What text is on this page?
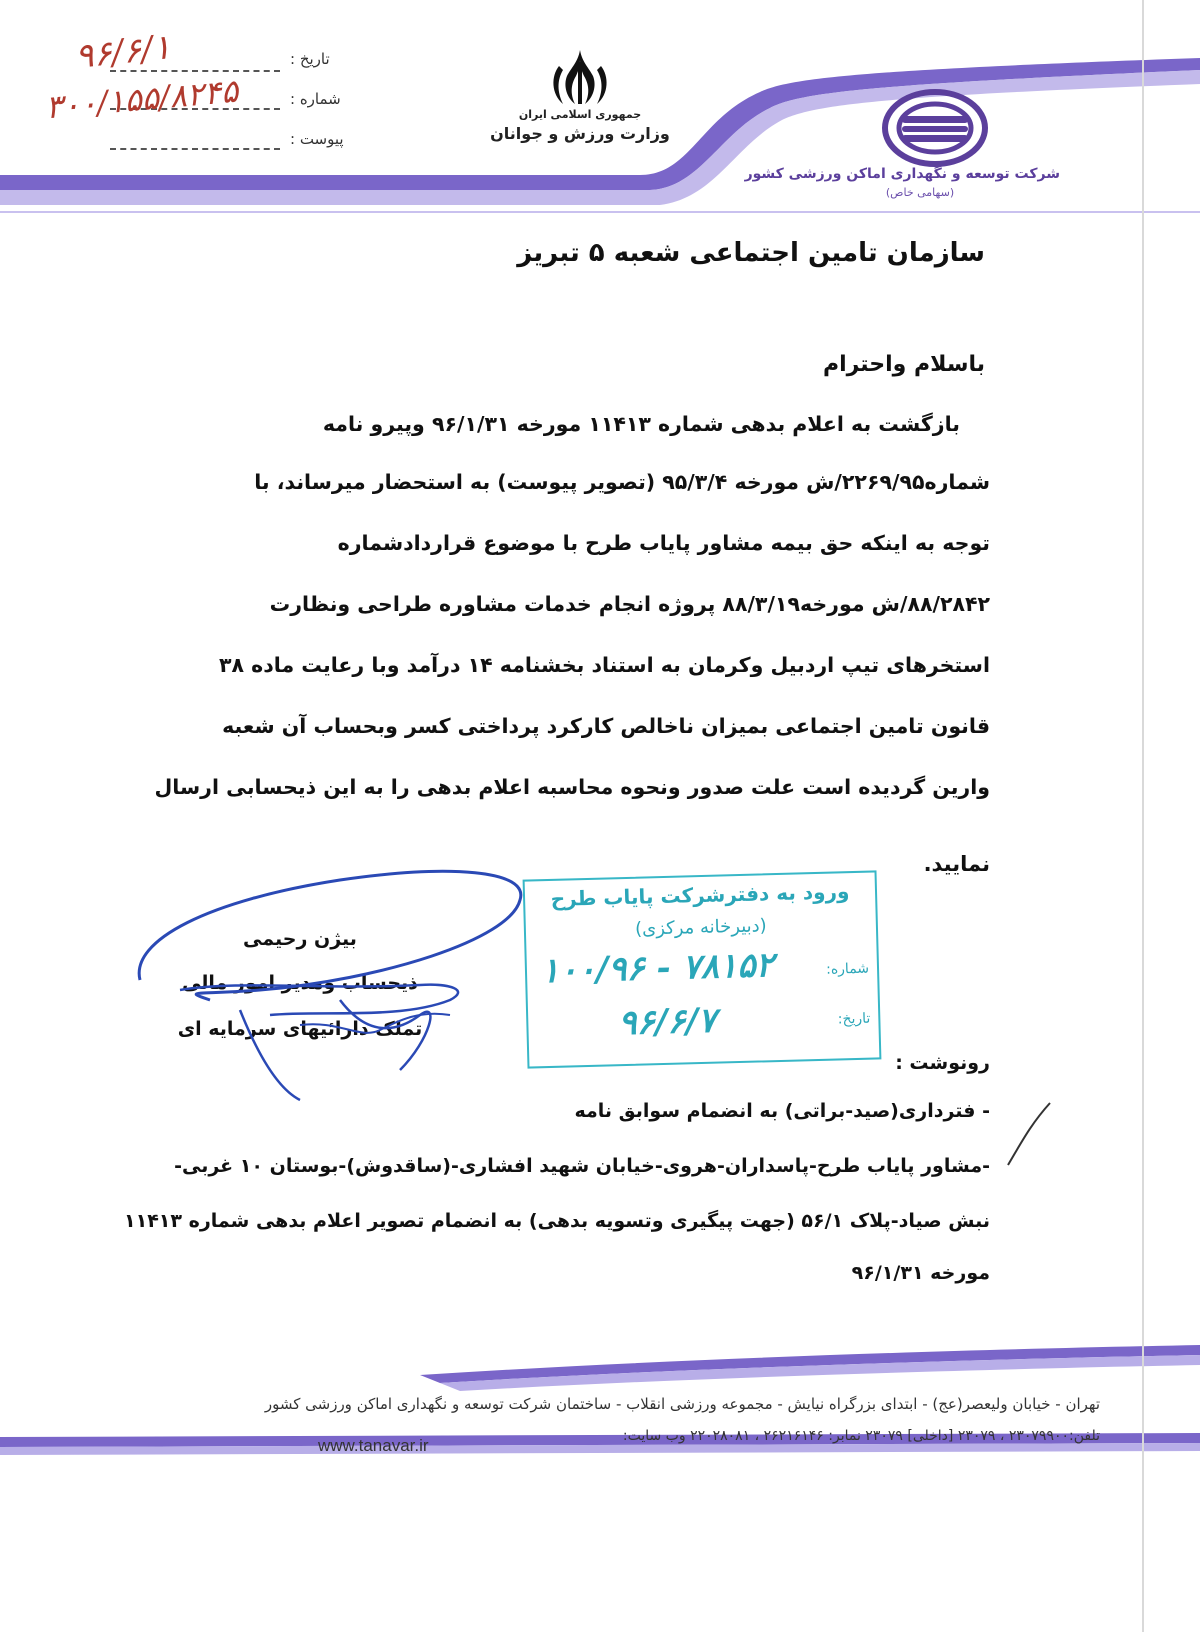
تاریخ :
شماره :
پیوست :
۹۶/۶/۱
۳۰۰/۱۵۵/۸۲۴۵	جمهوری اسلامی ایران
وزارت ورزش و جوانان
شرکت توسعه و نگهداری اماکن ورزشی کشور
(سهامی خاص)
سازمان تامین اجتماعی شعبه ۵ تبریز
باسلام واحترام
بازگشت به اعلام بدهی شماره ۱۱۴۱۳ مورخه ۹۶/۱/۳۱ وپیرو نامه
شماره۲۲۶۹/۹۵/ش مورخه ۹۵/۳/۴ (تصویر پیوست) به استحضار میرساند، با
توجه به اینکه حق بیمه مشاور پایاب طرح با موضوع قراردادشماره
۸۸/۲۸۴۲/ش مورخه۸۸/۳/۱۹ پروژه انجام خدمات مشاوره طراحی ونظارت
استخرهای تیپ اردبیل وکرمان به استناد بخشنامه ۱۴ درآمد وبا رعایت ماده ۳۸
قانون تامین اجتماعی بمیزان ناخالص کارکرد پرداختی کسر وبحساب آن شعبه
وارین گردیده است علت صدور ونحوه محاسبه اعلام بدهی را به این ذیحسابی ارسال
نمایید.
بیژن رحیمی
ذیحساب ومدیر امور مالی
تملک دارائیهای سرمایه ای
ورود به دفترشرکت پایاب طرح
(دبیرخانه مرکزی)
شماره:
۱۰۰/۹۶ - ۷۸۱۵۲
تاریخ:
۹۶/۶/۷
رونوشت :
- فترداری(صید-براتی) به انضمام سوابق نامه
-مشاور پایاب طرح-پاسداران-هروی-خیابان شهید افشاری-(ساقدوش)-بوستان ۱۰ غربی-
نبش صیاد-پلاک ۵۶/۱ (جهت پیگیری وتسویه بدهی) به انضمام تصویر اعلام بدهی شماره ۱۱۴۱۳
مورخه ۹۶/۱/۳۱
تهران - خیابان ولیعصر(عج) - ابتدای بزرگراه نیایش - مجموعه ورزشی انقلاب - ساختمان شرکت توسعه و نگهداری اماکن ورزشی کشور
تلفن:۲۳۰۷۹۹۰۰ ، ۲۳۰۷۹ [داخلی] ۲۳۰۷۹ نمابر: ۲۶۲۱۶۱۴۶ ، ۲۲۰۲۸۰۸۱ وب سایت:
www.tanavar.ir
